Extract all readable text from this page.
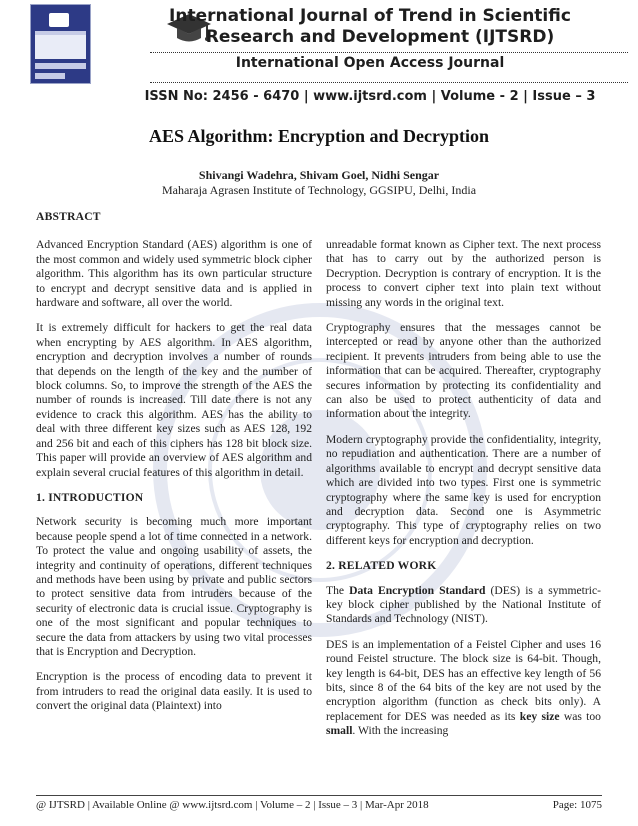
International Journal of Trend in Scientific
Research and Development (IJTSRD)
International Open Access Journal
ISSN No: 2456 - 6470 | www.ijtsrd.com | Volume - 2 | Issue – 3
AES Algorithm: Encryption and Decryption
Shivangi Wadehra, Shivam Goel, Nidhi Sengar
Maharaja Agrasen Institute of Technology, GGSIPU, Delhi, India
ABSTRACT

Advanced Encryption Standard (AES) algorithm is one of the most common and widely used symmetric block cipher algorithm. This algorithm has its own particular structure to encrypt and decrypt sensitive data and is applied in hardware and software, all over the world.

It is extremely difficult for hackers to get the real data when encrypting by AES algorithm. In AES algorithm, encryption and decryption involves a number of rounds that depends on the length of the key and the number of block columns. So, to improve the strength of the AES the number of rounds is increased. Till date there is not any evidence to crack this algorithm. AES has the ability to deal with three different key sizes such as AES 128, 192 and 256 bit and each of this ciphers has 128 bit block size. This paper will provide an overview of AES algorithm and explain several crucial features of this algorithm in detail.

1. INTRODUCTION

Network security is becoming much more important because people spend a lot of time connected in a network. To protect the value and ongoing usability of assets, the integrity and continuity of operations, different techniques and methods have been using by private and public sectors to protect sensitive data from intruders because of the security of electronic data is crucial issue. Cryptography is one of the most significant and popular techniques to secure the data from attackers by using two vital processes that is Encryption and Decryption.

Encryption is the process of encoding data to prevent it from intruders to read the original data easily. It is used to convert the original data (Plaintext) into

unreadable format known as Cipher text. The next process that has to carry out by the authorized person is Decryption. Decryption is contrary of encryption. It is the process to convert cipher text into plain text without missing any words in the original text.

Cryptography ensures that the messages cannot be intercepted or read by anyone other than the authorized recipient. It prevents intruders from being able to use the information that can be acquired. Thereafter, cryptography secures information by protecting its confidentiality and can also be used to protect authenticity of data and information about the integrity.

Modern cryptography provide the confidentiality, integrity, no repudiation and authentication. There are a number of algorithms available to encrypt and decrypt sensitive data which are divided into two types. First one is symmetric cryptography where the same key is used for encryption and decryption data. Second one is Asymmetric cryptography. This type of cryptography relies on two different keys for encryption and decryption.

2. RELATED WORK

The Data Encryption Standard (DES) is a symmetric-key block cipher published by the National Institute of Standards and Technology (NIST).

DES is an implementation of a Feistel Cipher and uses 16 round Feistel structure. The block size is 64-bit. Though, key length is 64-bit, DES has an effective key length of 56 bits, since 8 of the 64 bits of the key are not used by the encryption algorithm (function as check bits only). A replacement for DES was needed as its key size was too small. With the increasing

@ IJTSRD | Available Online @ www.ijtsrd.com | Volume – 2 | Issue – 3 | Mar-Apr 2018	Page: 1075
